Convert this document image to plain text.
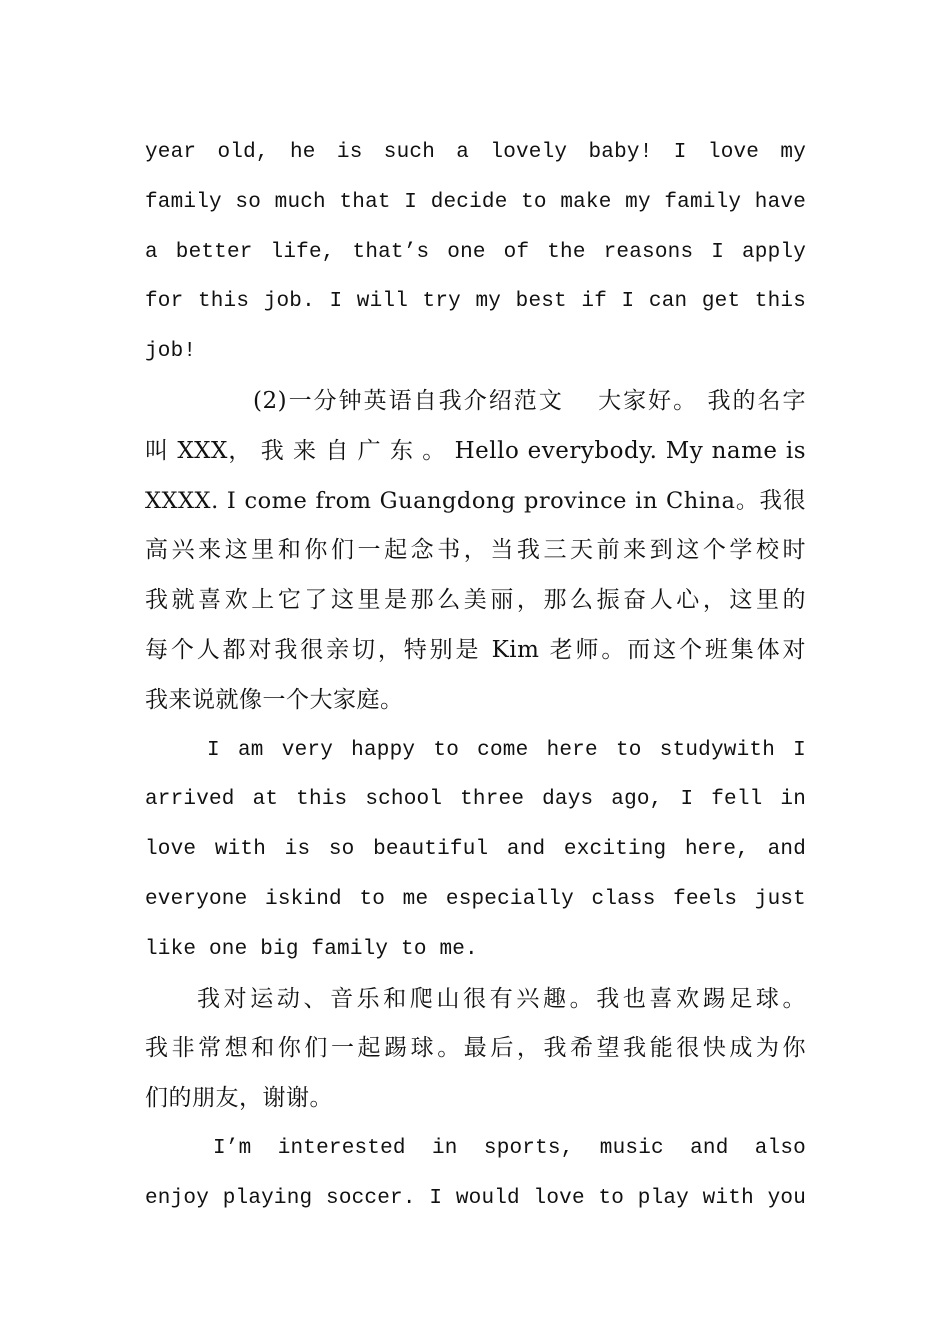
year old, he is such a lovely baby! I love my
family so much that I decide to make my family have
a better life, that’s one of the reasons I apply
for this job. I will try my best if I can get this
job!

(2)一分钟英语自我介绍范文 　大家好。 我的名字
叫 XXX， 我 来 自 广 东 。 Hello everybody. My name is
XXXX. I come from Guangdong province in China。我很
高兴来这里和你们一起念书，当我三天前来到这个学校时
我就喜欢上它了这里是那么美丽，那么振奋人心，这里的
每个人都对我很亲切，特别是 Kim 老师。而这个班集体对
我来说就像一个大家庭。

I am very happy to come here to studywith I
arrived at this school three days ago, I fell in
love with is so beautiful and exciting here, and
everyone iskind to me especially class feels just
like one big family to me.

我对运动、音乐和爬山很有兴趣。我也喜欢踢足球。
我非常想和你们一起踢球。最后，我希望我能很快成为你
们的朋友，谢谢。

I’m interested in sports, music and also
enjoy playing soccer. I would love to play with you
